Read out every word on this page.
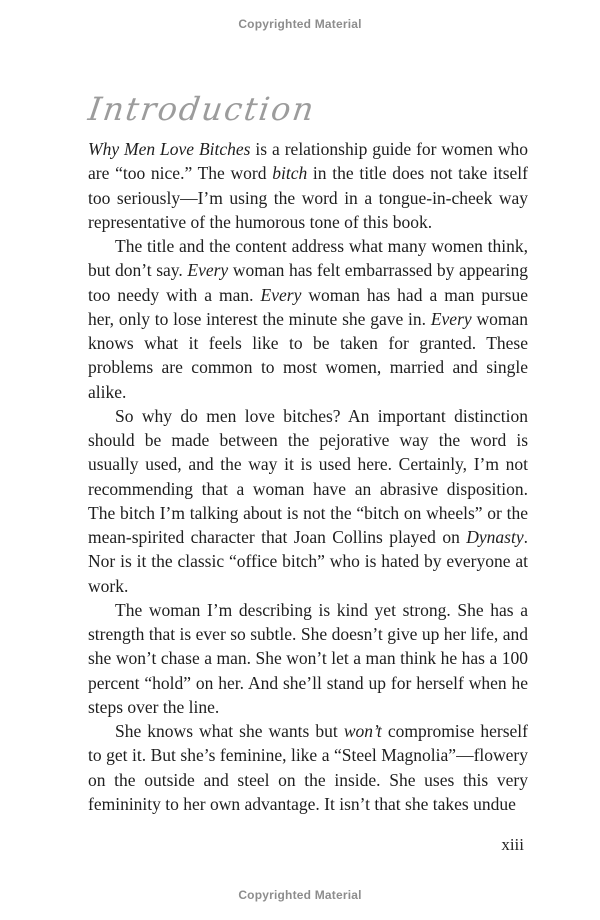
Copyrighted Material
Introduction

Why Men Love Bitches is a relationship guide for women who are “too nice.” The word bitch in the title does not take itself too seriously—I’m using the word in a tongue-in-cheek way representative of the humorous tone of this book.

The title and the content address what many women think, but don’t say. Every woman has felt embarrassed by appearing too needy with a man. Every woman has had a man pursue her, only to lose interest the minute she gave in. Every woman knows what it feels like to be taken for granted. These problems are common to most women, married and single alike.

So why do men love bitches? An important distinction should be made between the pejorative way the word is usually used, and the way it is used here. Certainly, I’m not recommending that a woman have an abrasive disposition. The bitch I’m talking about is not the “bitch on wheels” or the mean-spirited character that Joan Collins played on Dynasty. Nor is it the classic “office bitch” who is hated by everyone at work.

The woman I’m describing is kind yet strong. She has a strength that is ever so subtle. She doesn’t give up her life, and she won’t chase a man. She won’t let a man think he has a 100 percent “hold” on her. And she’ll stand up for herself when he steps over the line.

She knows what she wants but won’t compromise herself to get it. But she’s feminine, like a “Steel Magnolia”—flowery on the outside and steel on the inside. She uses this very femininity to her own advantage. It isn’t that she takes undue

xiii
Copyrighted Material
